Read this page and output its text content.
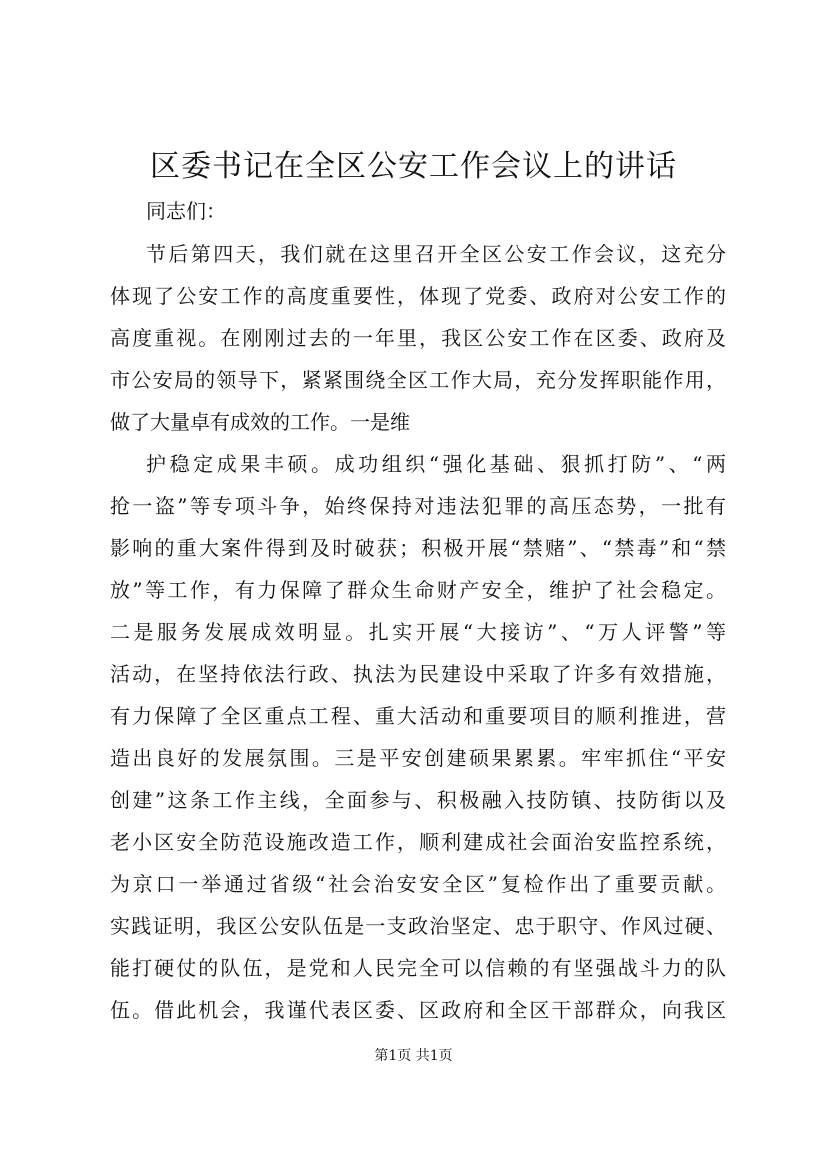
区委书记在全区公安工作会议上的讲话

同志们：

节后第四天，我们就在这里召开全区公安工作会议，这充分

体现了公安工作的高度重要性，体现了党委、政府对公安工作的

高度重视。在刚刚过去的一年里，我区公安工作在区委、政府及

市公安局的领导下，紧紧围绕全区工作大局，充分发挥职能作用，

做了大量卓有成效的工作。一是维

护稳定成果丰硕。成功组织“强化基础、狠抓打防”、“两

抢一盗”等专项斗争，始终保持对违法犯罪的高压态势，一批有

影响的重大案件得到及时破获；积极开展“禁赌”、“禁毒”和“禁

放”等工作，有力保障了群众生命财产安全，维护了社会稳定。

二是服务发展成效明显。扎实开展“大接访”、“万人评警”等

活动，在坚持依法行政、执法为民建设中采取了许多有效措施，

有力保障了全区重点工程、重大活动和重要项目的顺利推进，营

造出良好的发展氛围。三是平安创建硕果累累。牢牢抓住“平安

创建”这条工作主线，全面参与、积极融入技防镇、技防街以及

老小区安全防范设施改造工作，顺利建成社会面治安监控系统，

为京口一举通过省级“社会治安安全区”复检作出了重要贡献。

实践证明，我区公安队伍是一支政治坚定、忠于职守、作风过硬、

能打硬仗的队伍，是党和人民完全可以信赖的有坚强战斗力的队

伍。借此机会，我谨代表区委、区政府和全区干部群众，向我区

第1页 共1页
